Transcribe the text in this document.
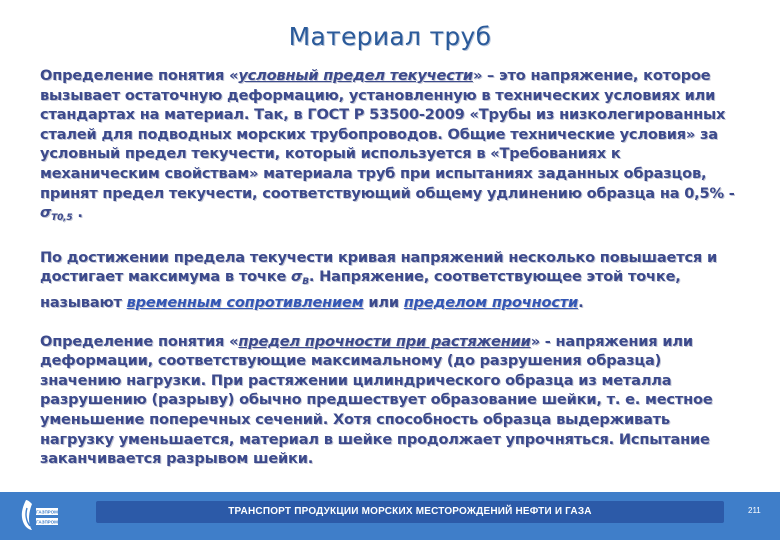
Материал труб

Определение понятия «условный предел текучести» – это напряжение, которое вызывает остаточную деформацию, установленную в технических условиях или стандартах на материал. Так, в ГОСТ Р 53500-2009 «Трубы из низколегированных сталей для подводных морских трубопроводов. Общие технические условия» за условный предел текучести, который используется в «Требованиях к механическим свойствам» материала труб при испытаниях заданных образцов, принят предел текучести, соответствующий общему удлинению образца на $0,5\% - \sigma_{T0,5}$ .

По достижении предела текучести кривая напряжений несколько повышается и достигает максимума в точке $\sigma_В$. Напряжение, соответствующее этой точке, называют временным сопротивлением или пределом прочности.

Определение понятия «предел прочности при растяжении» - напряжения или деформации, соответствующие максимальному (до разрушения образца) значению нагрузки. При растяжении цилиндрического образца из металла разрушению (разрыву) обычно предшествует образование шейки, т. е. местное уменьшение поперечных сечений. Хотя способность образца выдерживать нагрузку уменьшается, материал в шейке продолжает упрочняться. Испытание заканчивается разрывом шейки.

ГАЗПРОМ
ГАЗПРОМ
ТРАНСПОРТ ПРОДУКЦИИ МОРСКИХ МЕСТОРОЖДЕНИЙ НЕФТИ И ГАЗА	211
